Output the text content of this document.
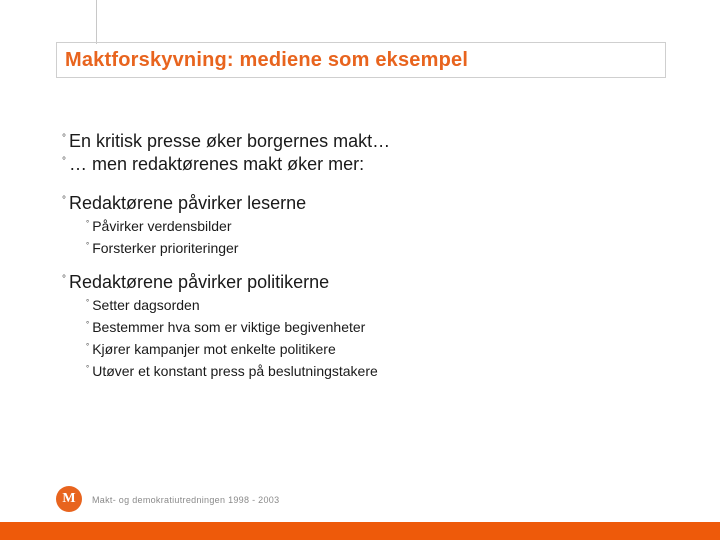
Maktforskyvning: mediene som eksempel
° En kritisk presse øker borgernes makt…
° … men redaktørenes makt øker mer:
° Redaktørene påvirker leserne
° Påvirker verdensbilder
° Forsterker prioriteringer
° Redaktørene påvirker politikerne
° Setter dagsorden
° Bestemmer hva som er viktige begivenheter
° Kjører kampanjer mot enkelte politikere
° Utøver et konstant press på beslutningstakere
M Makt- og demokratiutredningen 1998 - 2003
